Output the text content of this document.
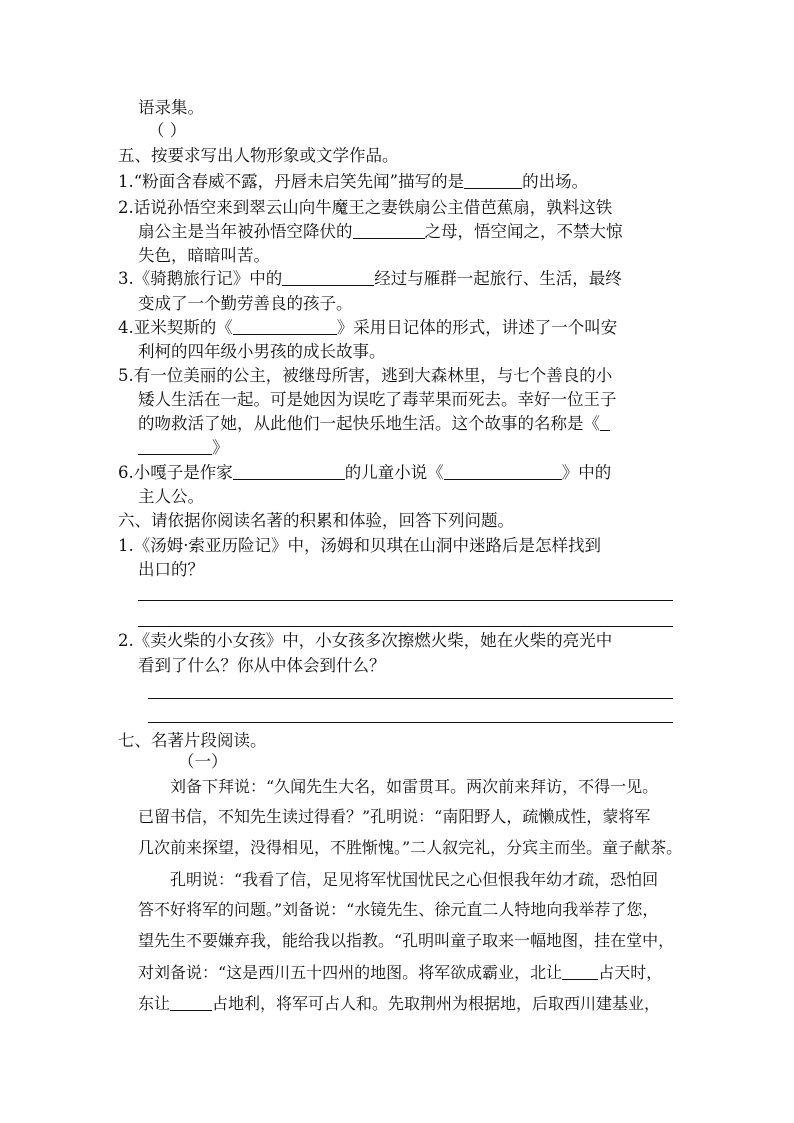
语录集。
（ ）
五、按要求写出人物形象或文学作品。
1.“粉面含春威不露，丹唇未启笑先闻”描写的是	的出场。
2.话说孙悟空来到翠云山向牛魔王之妻铁扇公主借芭蕉扇，孰料这铁
扇公主是当年被孙悟空降伏的	之母，悟空闻之，不禁大惊
失色，暗暗叫苦。
3.《骑鹅旅行记》中的	经过与雁群一起旅行、生活，最终
变成了一个勤劳善良的孩子。
4.亚米契斯的《	》采用日记体的形式，讲述了一个叫安
利柯的四年级小男孩的成长故事。
5.有一位美丽的公主，被继母所害，逃到大森林里，与七个善良的小
矮人生活在一起。可是她因为误吃了毒苹果而死去。幸好一位王子
的吻救活了她，从此他们一起快乐地生活。这个故事的名称是《
》
6.小嘎子是作家	的儿童小说《	》中的
主人公。
六、请依据你阅读名著的积累和体验，回答下列问题。
1.《汤姆·索亚历险记》中，汤姆和贝琪在山洞中迷路后是怎样找到
出口的？
2.《卖火柴的小女孩》中，小女孩多次擦燃火柴，她在火柴的亮光中
看到了什么？你从中体会到什么？
七、名著片段阅读。
（一）
刘备下拜说：“久闻先生大名，如雷贯耳。两次前来拜访，不得一见。
已留书信，不知先生读过得看？”孔明说：“南阳野人，疏懒成性，蒙将军
几次前来探望，没得相见，不胜惭愧。”二人叙完礼，分宾主而坐。童子献茶。
孔明说：“我看了信，足见将军忧国忧民之心但恨我年幼才疏，恐怕回
答不好将军的问题。”刘备说：“水镜先生、徐元直二人特地向我举荐了您，
望先生不要嫌弃我，能给我以指教。“孔明叫童子取来一幅地图，挂在堂中，
对刘备说：“这是西川五十四州的地图。将军欲成霸业，北让 占天时，
东让	占地利，将军可占人和。先取荆州为根据地，后取西川建基业，
